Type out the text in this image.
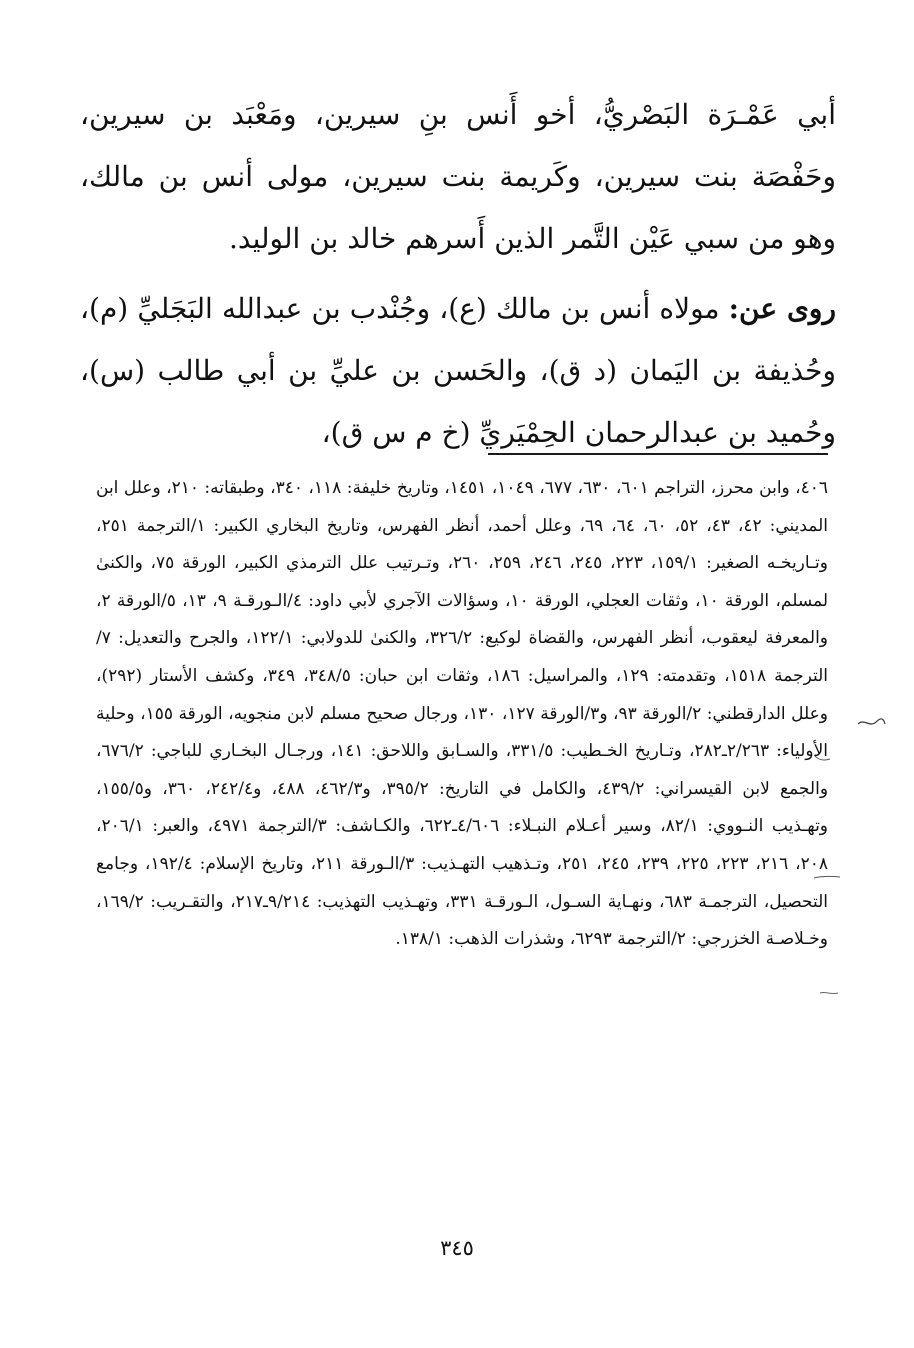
أبي عَمْـرَة البَصْريُّ، أخو أَنس بنِ سيرين، ومَعْبَد بن سيرين، وحَفْصَة بنت سيرين، وكَريمة بنت سيرين، مولى أنس بن مالك، وهو من سبي عَيْن التَّمر الذين أَسرهم خالد بن الوليد.

روى عن: مولاه أنس بن مالك (ع)، وجُنْدب بن عبدالله البَجَليِّ (م)، وحُذيفة بن اليَمان (د ق)، والحَسن بن عليِّ بن أبي طالب (س)، وحُميد بن عبدالرحمان الحِمْيَريِّ (خ م س ق)،

٤٠٦، وابن محرز، التراجم ٦٠١، ٦٣٠، ٦٧٧، ١٠٤٩، ١٤٥١، وتاريخ خليفة: ١١٨، ٣٤٠، وطبقاته: ٢١٠، وعلل ابن المديني: ٤٢، ٤٣، ٥٢، ٦٠، ٦٤، ٦٩، وعلل أحمد، أنظر الفهرس، وتاريخ البخاري الكبير: ١/الترجمة ٢٥١، وتـاريخـه الصغير: ١٥٩/١، ٢٢٣، ٢٤٥، ٢٤٦، ٢٥٩، ٢٦٠، وتـرتيب علل الترمذي الكبير، الورقة ٧٥، والكنىٰ لمسلم، الورقة ١٠، وثقات العجلي، الورقة ١٠، وسؤالات الآجري لأبي داود: ٤/الـورقـة ٩، ١٣، ٥/الورقة ٢، والمعرفة ليعقوب، أنظر الفهرس، والقضاة لوكيع: ٣٢٦/٢، والكنىٰ للدولابي: ١٢٢/١، والجرح والتعديل: ٧/الترجمة ١٥١٨، وتقدمته: ١٢٩، والمراسيل: ١٨٦، وثقات ابن حبان: ٣٤٨/٥، ٣٤٩، وكشف الأستار (٢٩٢)، وعلل الدارقطني: ٢/الورقة ٩٣، و٣/الورقة ١٢٧، ١٣٠، ورجال صحيح مسلم لابن منجويه، الورقة ١٥٥، وحلية الأولياء: ٢/٢٦٣ـ٢٨٢، وتـاريخ الخـطيب: ٣٣١/٥، والسـابق واللاحق: ١٤١، ورجـال البخـاري للباجي: ٦٧٦/٢، والجمع لابن القيسراني: ٤٣٩/٢، والكامل في التاريخ: ٣٩٥/٢، و٤٦٢/٣، ٤٨٨، و٢٤٢/٤، ٣٦٠، و١٥٥/٥، وتهـذيب النـووي: ٨٢/١، وسير أعـلام النبـلاء: ٤/٦٠٦ـ٦٢٢، والكـاشف: ٣/الترجمة ٤٩٧١، والعبر: ٢٠٦/١، ٢٠٨، ٢١٦، ٢٢٣، ٢٢٥، ٢٣٩، ٢٤٥، ٢٥١، وتـذهيب التهـذيب: ٣/الـورقة ٢١١، وتاريخ الإسلام: ١٩٢/٤، وجامع التحصيل، الترجمـة ٦٨٣، ونهـاية السـول، الـورقـة ٣٣١، وتهـذيب التهذيب: ٩/٢١٤ـ٢١٧، والتقـريب: ١٦٩/٢، وخـلاصـة الخزرجي: ٢/الترجمة ٦٢٩٣، وشذرات الذهب: ١٣٨/١.

٣٤٥
